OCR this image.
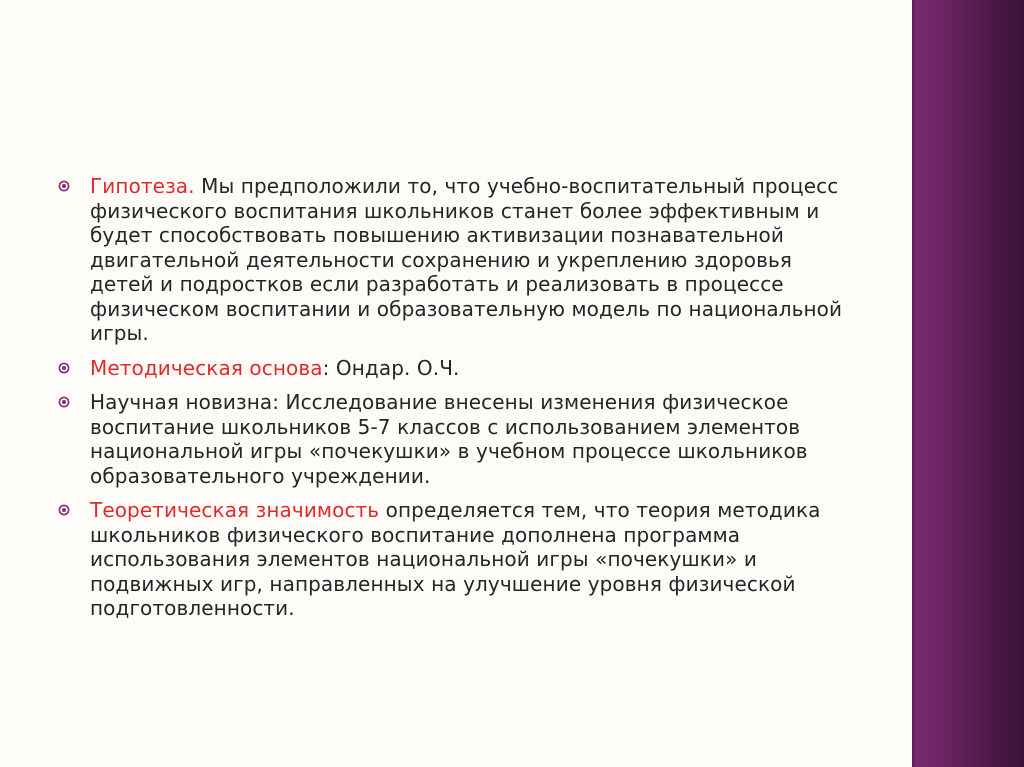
Гипотеза. Мы предположили то, что учебно-воспитательный процесс физического воспитания школьников станет более эффективным и будет способствовать повышению активизации познавательной двигательной деятельности сохранению и укреплению здоровья детей и подростков если разработать и реализовать в процессе физическом воспитании и образовательную модель по национальной игры.
Методическая основа: Ондар. О.Ч.
Научная новизна: Исследование внесены изменения физическое воспитание школьников 5-7 классов с использованием элементов национальной игры «почекушки» в учебном процессе школьников образовательного учреждении.
Теоретическая значимость определяется тем, что теория методика школьников физического воспитание дополнена программа использования элементов национальной игры «почекушки» и подвижных игр, направленных на улучшение уровня физической подготовленности.
